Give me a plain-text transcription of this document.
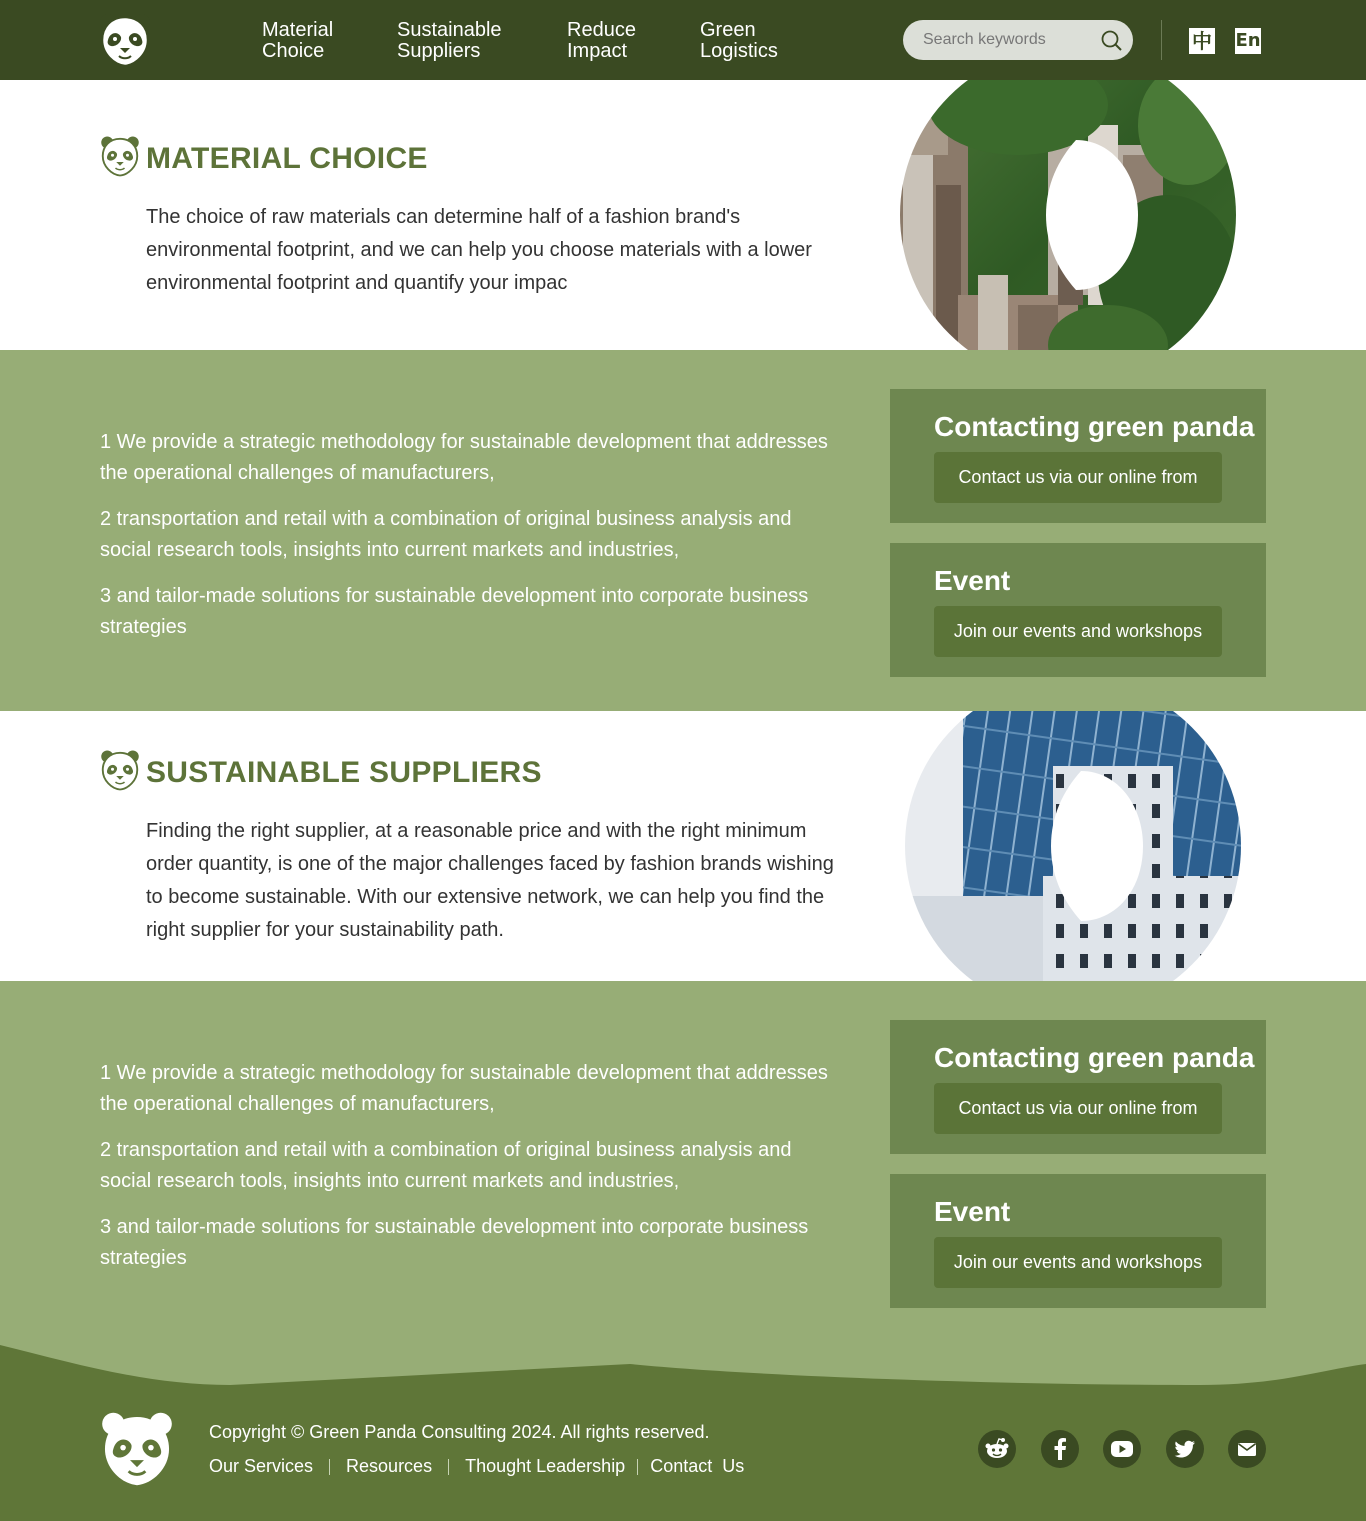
Material
Choice
Sustainable
Suppliers
Reduce
Impact
Green
Logistics
Search keywords	中 En
MATERIAL CHOICE

The choice of raw materials can determine half of a fashion brand's environmental footprint, and we can help you choose materials with a lower environmental footprint and quantify your impac

1 We provide a strategic methodology for sustainable development that addresses the operational challenges of manufacturers,

2 transportation and retail with a combination of original business analysis and social research tools, insights into current markets and industries,

3 and tailor-made solutions for sustainable development into corporate business strategies

Contacting green panda
Contact us via our online from
Event
Join our events and workshops
SUSTAINABLE SUPPLIERS

Finding the right supplier, at a reasonable price and with the right minimum order quantity, is one of the major challenges faced by fashion brands wishing to become sustainable. With our extensive network, we can help you find the right supplier for your sustainability path.

1 We provide a strategic methodology for sustainable development that addresses the operational challenges of manufacturers,

2 transportation and retail with a combination of original business analysis and social research tools, insights into current markets and industries,

3 and tailor-made solutions for sustainable development into corporate business strategies

Contacting green panda
Contact us via our online from
Event
Join our events and workshops
Copyright © Green Panda Consulting 2024. All rights reserved.
Our Services Resources Thought Leadership Contact  Us
